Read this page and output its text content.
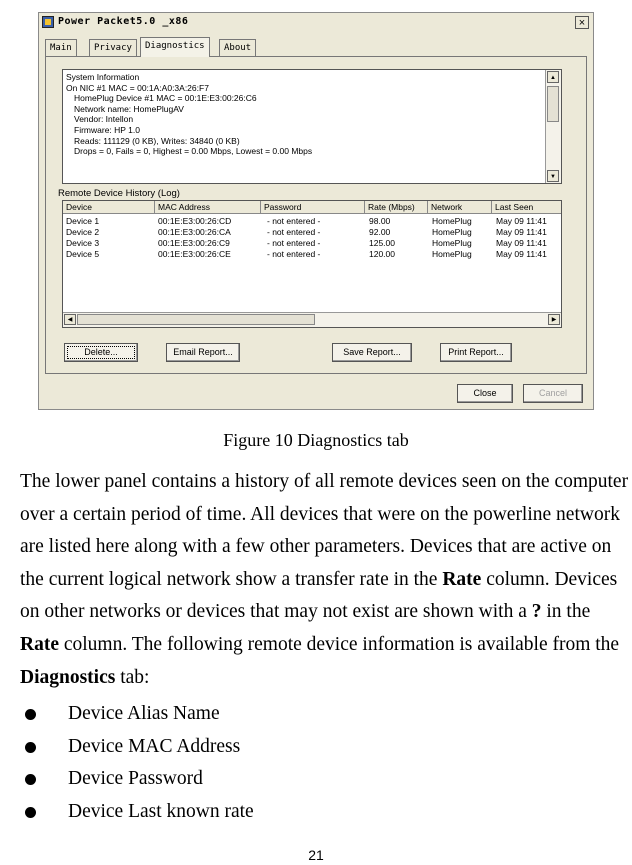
Power Packet5.0 _x86	×
Main	Privacy	Diagnostics	About
System Information
On NIC #1 MAC = 00:1A:A0:3A:26:F7
HomePlug Device #1 MAC = 00:1E:E3:00:26:C6
Network name: HomePlugAV
Vendor: Intellon
Firmware: HP 1.0
Reads: 111129 (0 KB), Writes: 34840 (0 KB)
Drops = 0, Fails = 0, Highest = 0.00 Mbps, Lowest = 0.00 Mbps
▲
▼
Remote Device History (Log)
Device	MAC Address	Password	Rate (Mbps)	Network	Last Seen
Device 1	00:1E:E3:00:26:CD	- not entered -	98.00	HomePlug	May 09 11:41
Device 2	00:1E:E3:00:26:CA	- not entered -	92.00	HomePlug	May 09 11:41
Device 3	00:1E:E3:00:26:C9	- not entered -	125.00	HomePlug	May 09 11:41
Device 5	00:1E:E3:00:26:CE	- not entered -	120.00	HomePlug	May 09 11:41
◀	▶
Delete...	Email Report...	Save Report...	Print Report...
Close	Cancel
Figure 10 Diagnostics tab

The lower panel contains a history of all remote devices seen on the computer over a certain period of time. All devices that were on the powerline network are listed here along with a few other parameters. Devices that are active on the current logical network show a transfer rate in the Rate column. Devices on other networks or devices that may not exist are shown with a ? in the Rate column. The following remote device information is available from the Diagnostics tab:

Device Alias Name
Device MAC Address
Device Password
Device Last known rate
21
